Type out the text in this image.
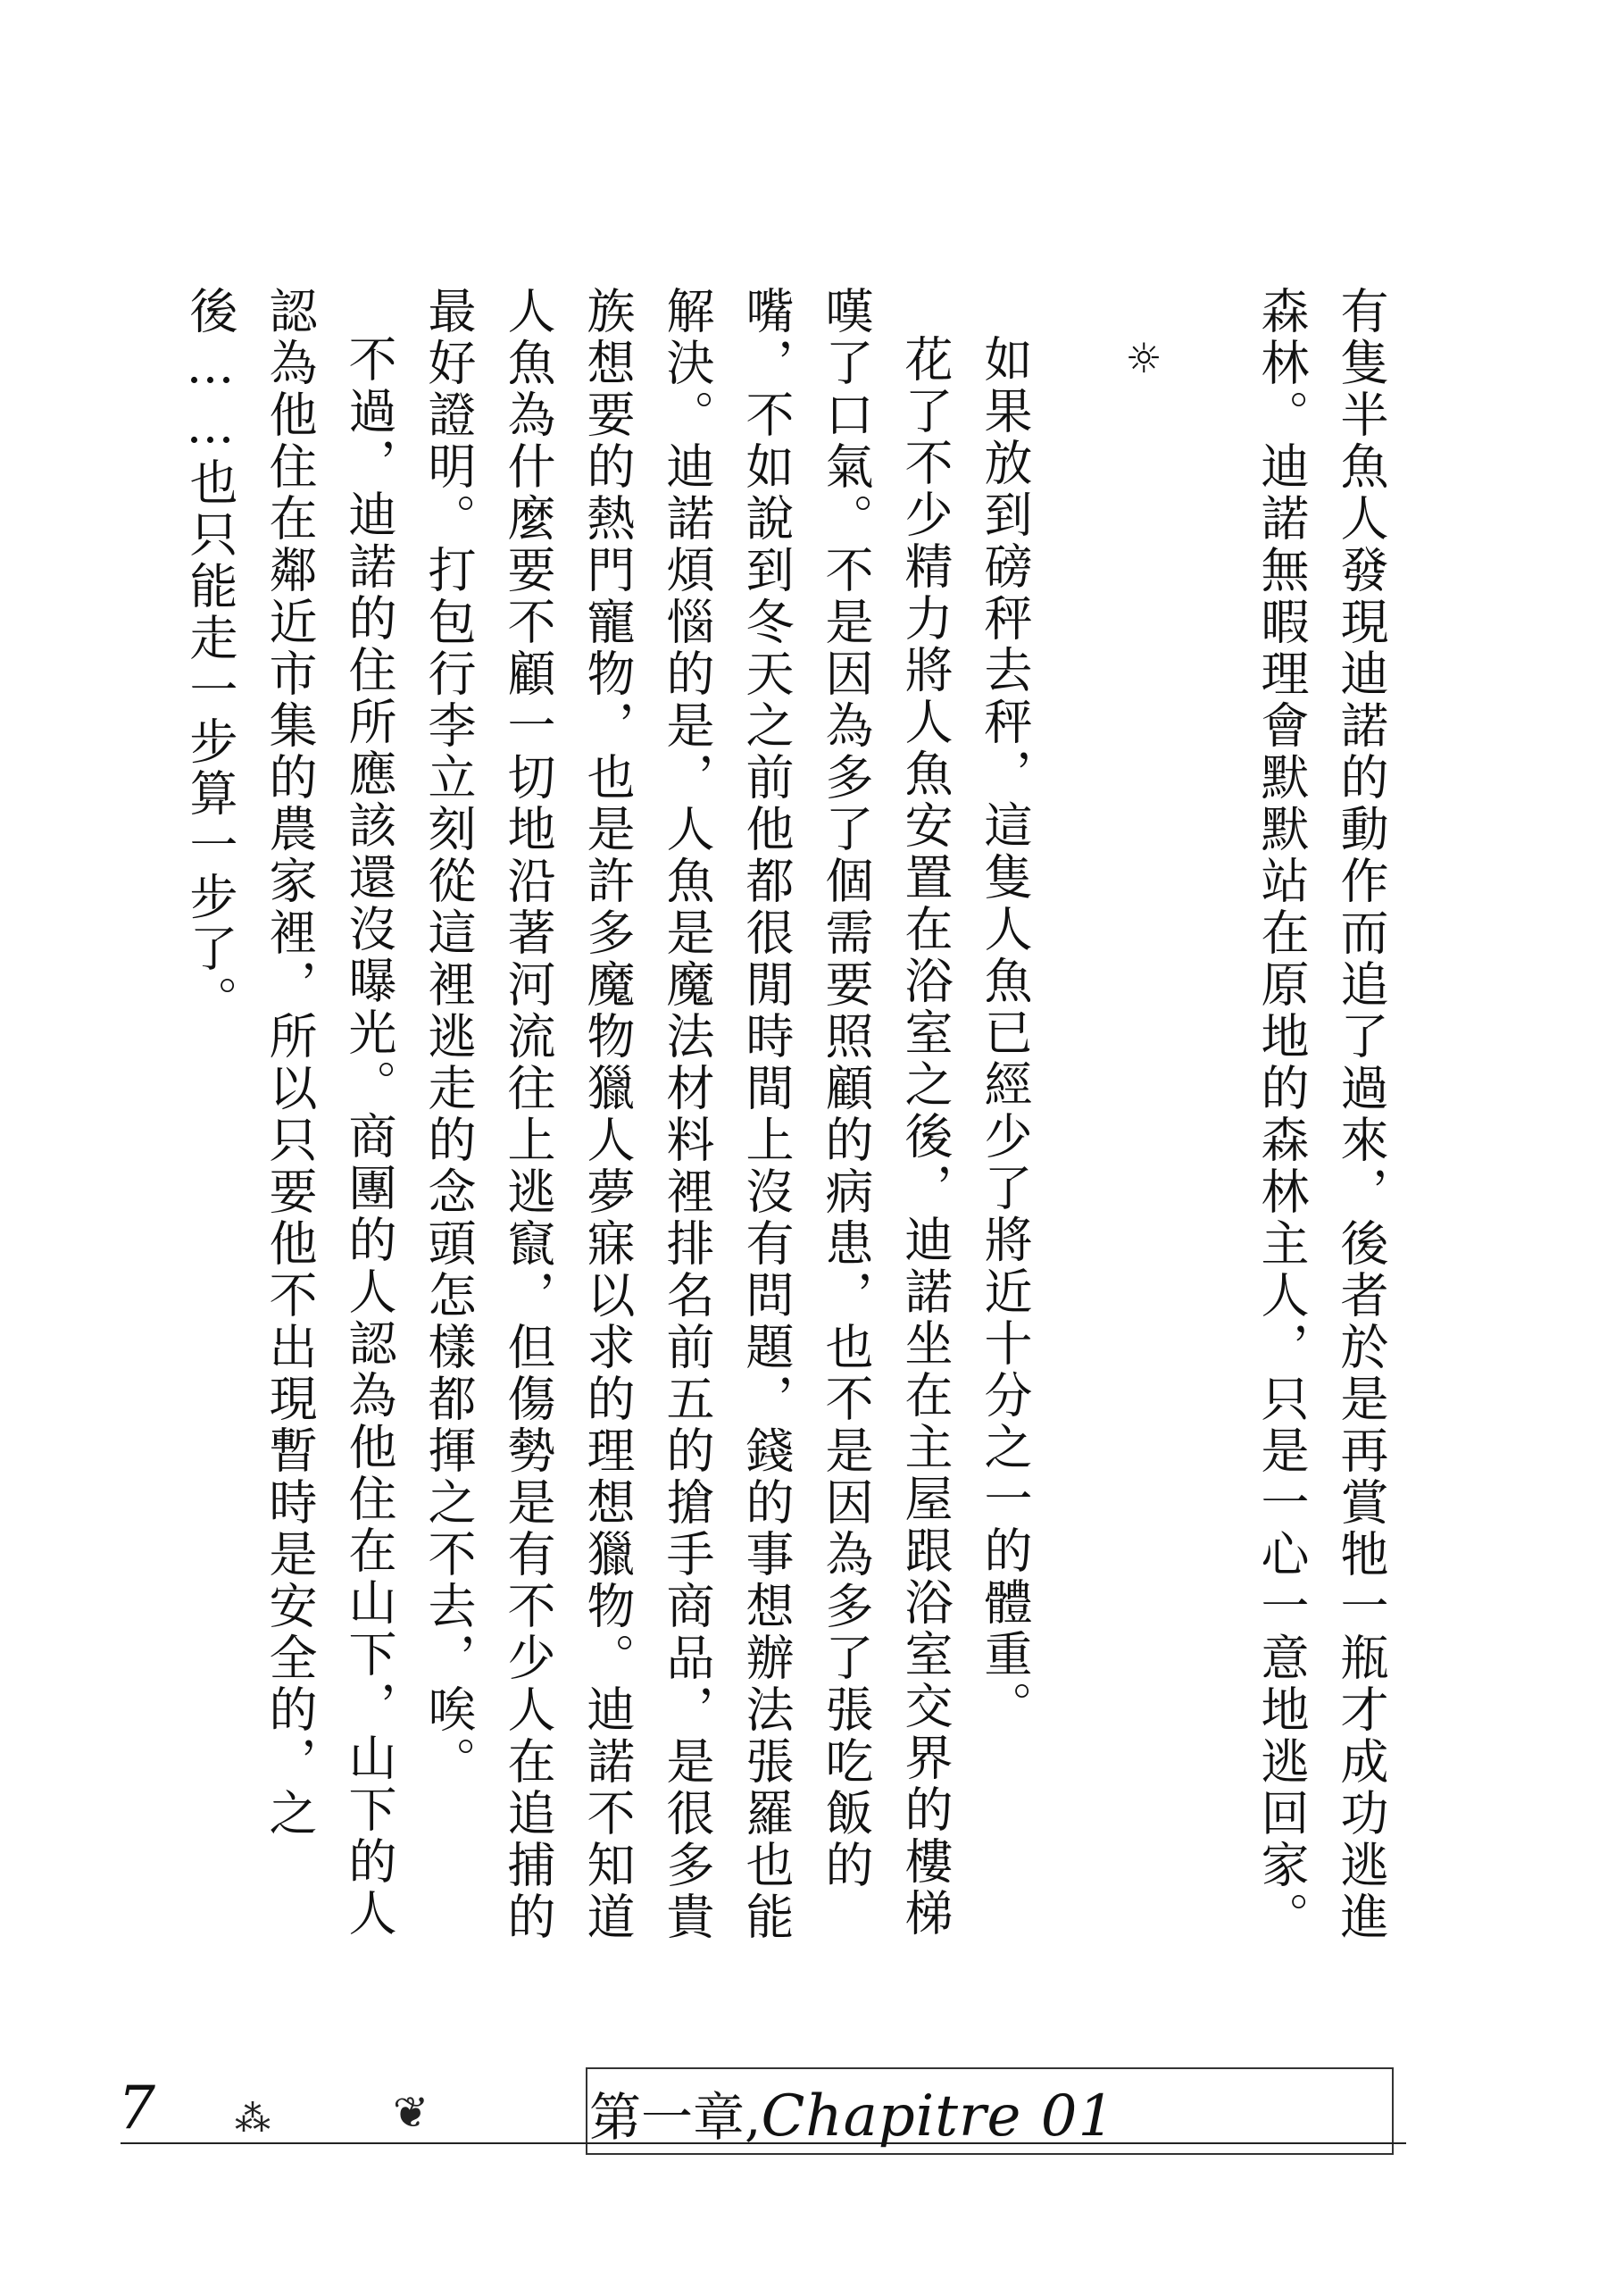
有隻半魚人發現迪諾的動作而追了過來，後者於是再賞牠一瓶才成功逃進森林。迪諾無暇理會默默站在原地的森林主人，只是一心一意地逃回家。

☼

如果放到磅秤去秤，這隻人魚已經少了將近十分之一的體重。

花了不少精力將人魚安置在浴室之後，迪諾坐在主屋跟浴室交界的樓梯嘆了口氣。不是因為多了個需要照顧的病患，也不是因為多了張吃飯的嘴，不如說到冬天之前他都很閒時間上沒有問題，錢的事想辦法張羅也能解決。迪諾煩惱的是，人魚是魔法材料裡排名前五的搶手商品，是很多貴族想要的熱門寵物，也是許多魔物獵人夢寐以求的理想獵物。迪諾不知道人魚為什麼要不顧一切地沿著河流往上逃竄，但傷勢是有不少人在追捕的最好證明。打包行李立刻從這裡逃走的念頭怎樣都揮之不去，唉。

不過，迪諾的住所應該還沒曝光。商團的人認為他住在山下，山下的人認為他住在鄰近市集的農家裡，所以只要他不出現暫時是安全的，之後……也只能走一步算一步了。

7 ⁂	❦	第一章,Chapitre 01
